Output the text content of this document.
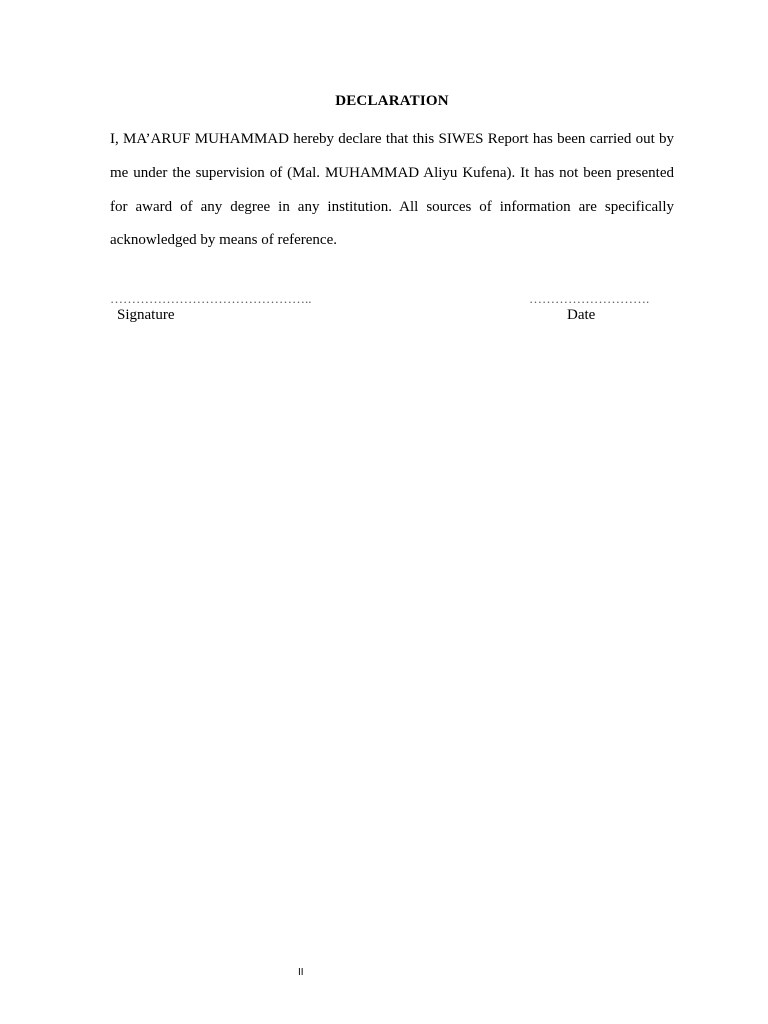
DECLARATION

I, MA’ARUF MUHAMMAD hereby declare that this SIWES Report has been carried out by me under the supervision of (Mal. MUHAMMAD Aliyu Kufena). It has not been presented for award of any degree in any institution. All sources of information are specifically acknowledged by means of reference.

………………………………………..	……………………….
Signature	Date
II
